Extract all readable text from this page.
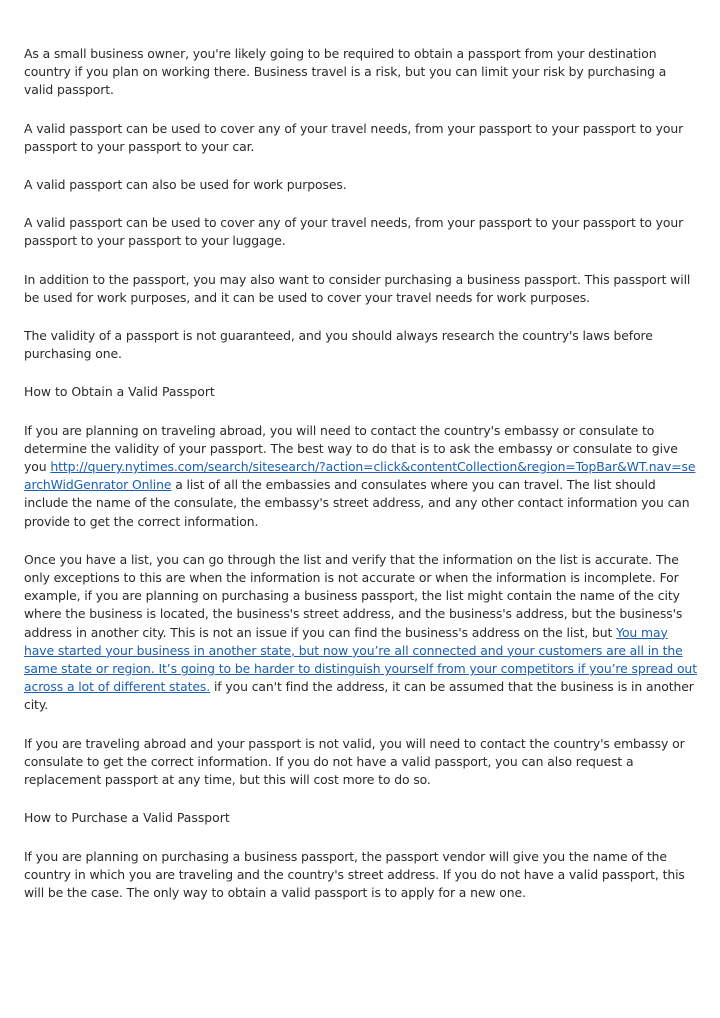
As a small business owner, you're likely going to be required to obtain a passport from your destination country if you plan on working there. Business travel is a risk, but you can limit your risk by purchasing a valid passport.

A valid passport can be used to cover any of your travel needs, from your passport to your passport to your passport to your passport to your car.

A valid passport can also be used for work purposes.

A valid passport can be used to cover any of your travel needs, from your passport to your passport to your passport to your passport to your luggage.

In addition to the passport, you may also want to consider purchasing a business passport. This passport will be used for work purposes, and it can be used to cover your travel needs for work purposes.

The validity of a passport is not guaranteed, and you should always research the country's laws before purchasing one.

How to Obtain a Valid Passport

If you are planning on traveling abroad, you will need to contact the country's embassy or consulate to determine the validity of your passport. The best way to do that is to ask the embassy or consulate to give you http://query.nytimes.com/search/sitesearch/?action=click&contentCollection&region=TopBar&WT.nav=searchWidGenrator Online a list of all the embassies and consulates where you can travel. The list should include the name of the consulate, the embassy's street address, and any other contact information you can provide to get the correct information.

Once you have a list, you can go through the list and verify that the information on the list is accurate. The only exceptions to this are when the information is not accurate or when the information is incomplete. For example, if you are planning on purchasing a business passport, the list might contain the name of the city where the business is located, the business's street address, and the business's address, but the business's address in another city. This is not an issue if you can find the business's address on the list, but You may have started your business in another state, but now you’re all connected and your customers are all in the same state or region. It’s going to be harder to distinguish yourself from your competitors if you’re spread out across a lot of different states. if you can't find the address, it can be assumed that the business is in another city.

If you are traveling abroad and your passport is not valid, you will need to contact the country's embassy or consulate to get the correct information. If you do not have a valid passport, you can also request a replacement passport at any time, but this will cost more to do so.

How to Purchase a Valid Passport

If you are planning on purchasing a business passport, the passport vendor will give you the name of the country in which you are traveling and the country's street address. If you do not have a valid passport, this will be the case. The only way to obtain a valid passport is to apply for a new one.
